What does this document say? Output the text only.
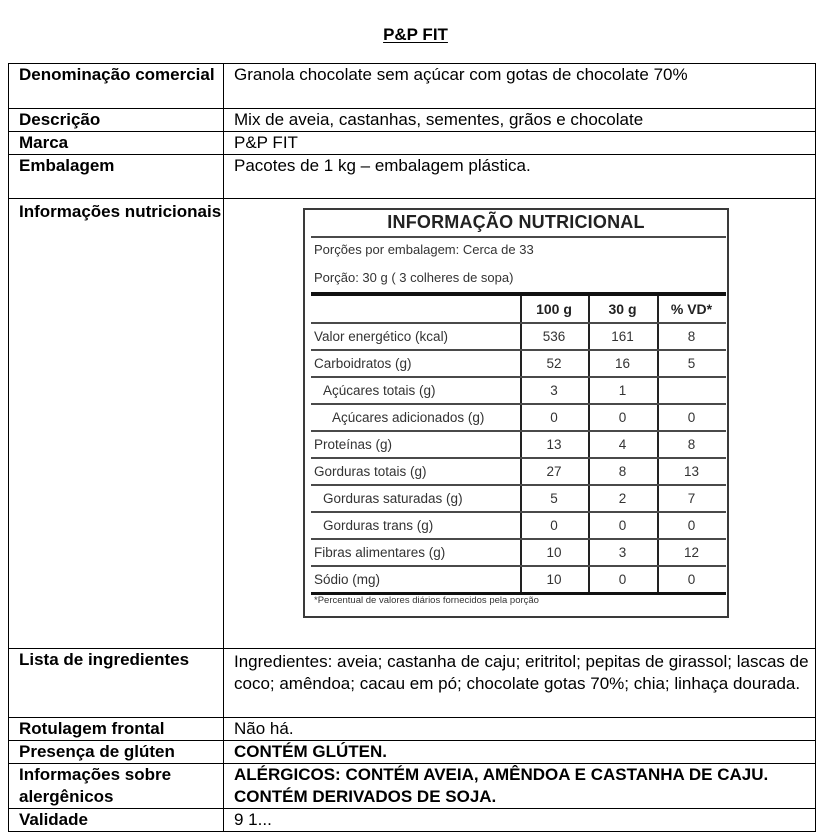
P&P FIT
Denominação comercial	Granola chocolate sem açúcar com gotas de chocolate 70%
Descrição	Mix de aveia, castanhas, sementes, grãos e chocolate
Marca	P&P FIT
Embalagem	Pacotes de 1 kg – embalagem plástica.
Informações nutricionais	
Lista de ingredientes	Ingredientes: aveia; castanha de caju; eritritol; pepitas de girassol; lascas de coco; amêndoa; cacau em pó; chocolate gotas 70%; chia; linhaça dourada.
Rotulagem frontal	Não há.
Presença de glúten	CONTÉM GLÚTEN.
Informações sobre alergênicos	ALÉRGICOS: CONTÉM AVEIA, AMÊNDOA E CASTANHA DE CAJU. CONTÉM DERIVADOS DE SOJA.
Validade	9 1...
INFORMAÇÃO NUTRICIONAL
Porções por embalagem: Cerca de 33
Porção: 30 g ( 3 colheres de sopa)
100 g	30 g	% VD*
Valor energético (kcal)	536	161	8
Carboidratos (g)	52	16	5
Açúcares totais (g)	3	1
Açúcares adicionados (g)	0	0	0
Proteínas (g)	13	4	8
Gorduras totais (g)	27	8	13
Gorduras saturadas (g)	5	2	7
Gorduras trans (g)	0	0	0
Fibras alimentares (g)	10	3	12
Sódio (mg)	10	0	0
*Percentual de valores diários fornecidos pela porção
